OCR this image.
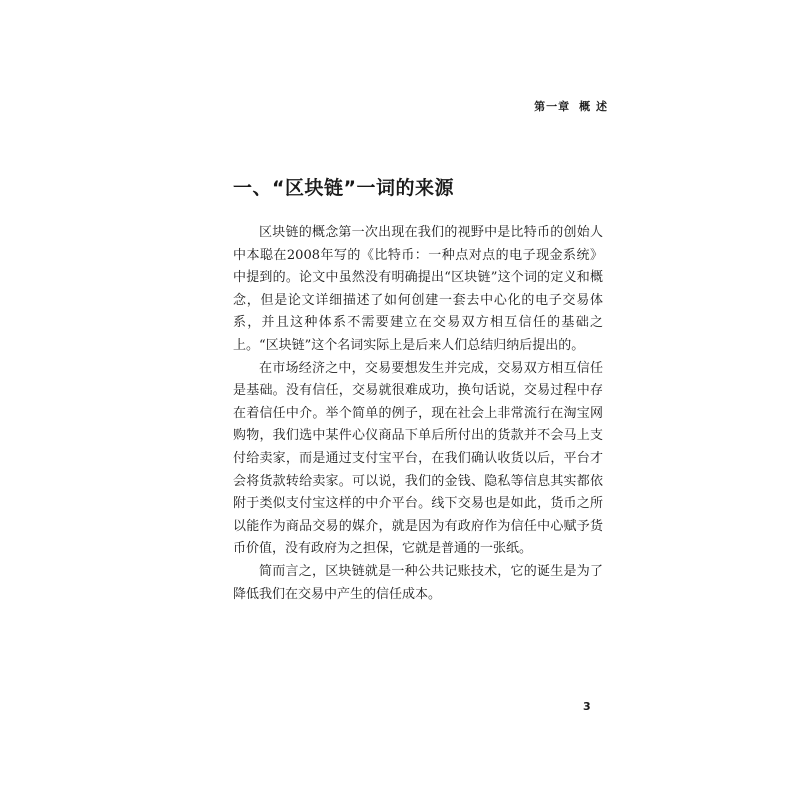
第一章 概 述
一、“区块链”一词的来源

区块链的概念第一次出现在我们的视野中是比特币的创始人中本聪在2008年写的《比特币：一种点对点的电子现金系统》中提到的。论文中虽然没有明确提出“区块链”这个词的定义和概念，但是论文详细描述了如何创建一套去中心化的电子交易体系，并且这种体系不需要建立在交易双方相互信任的基础之上。“区块链”这个名词实际上是后来人们总结归纳后提出的。

在市场经济之中，交易要想发生并完成，交易双方相互信任是基础。没有信任，交易就很难成功，换句话说，交易过程中存在着信任中介。举个简单的例子，现在社会上非常流行在淘宝网购物，我们选中某件心仪商品下单后所付出的货款并不会马上支付给卖家，而是通过支付宝平台，在我们确认收货以后，平台才会将货款转给卖家。可以说，我们的金钱、隐私等信息其实都依附于类似支付宝这样的中介平台。线下交易也是如此，货币之所以能作为商品交易的媒介，就是因为有政府作为信任中心赋予货币价值，没有政府为之担保，它就是普通的一张纸。

简而言之，区块链就是一种公共记账技术，它的诞生是为了降低我们在交易中产生的信任成本。

3
